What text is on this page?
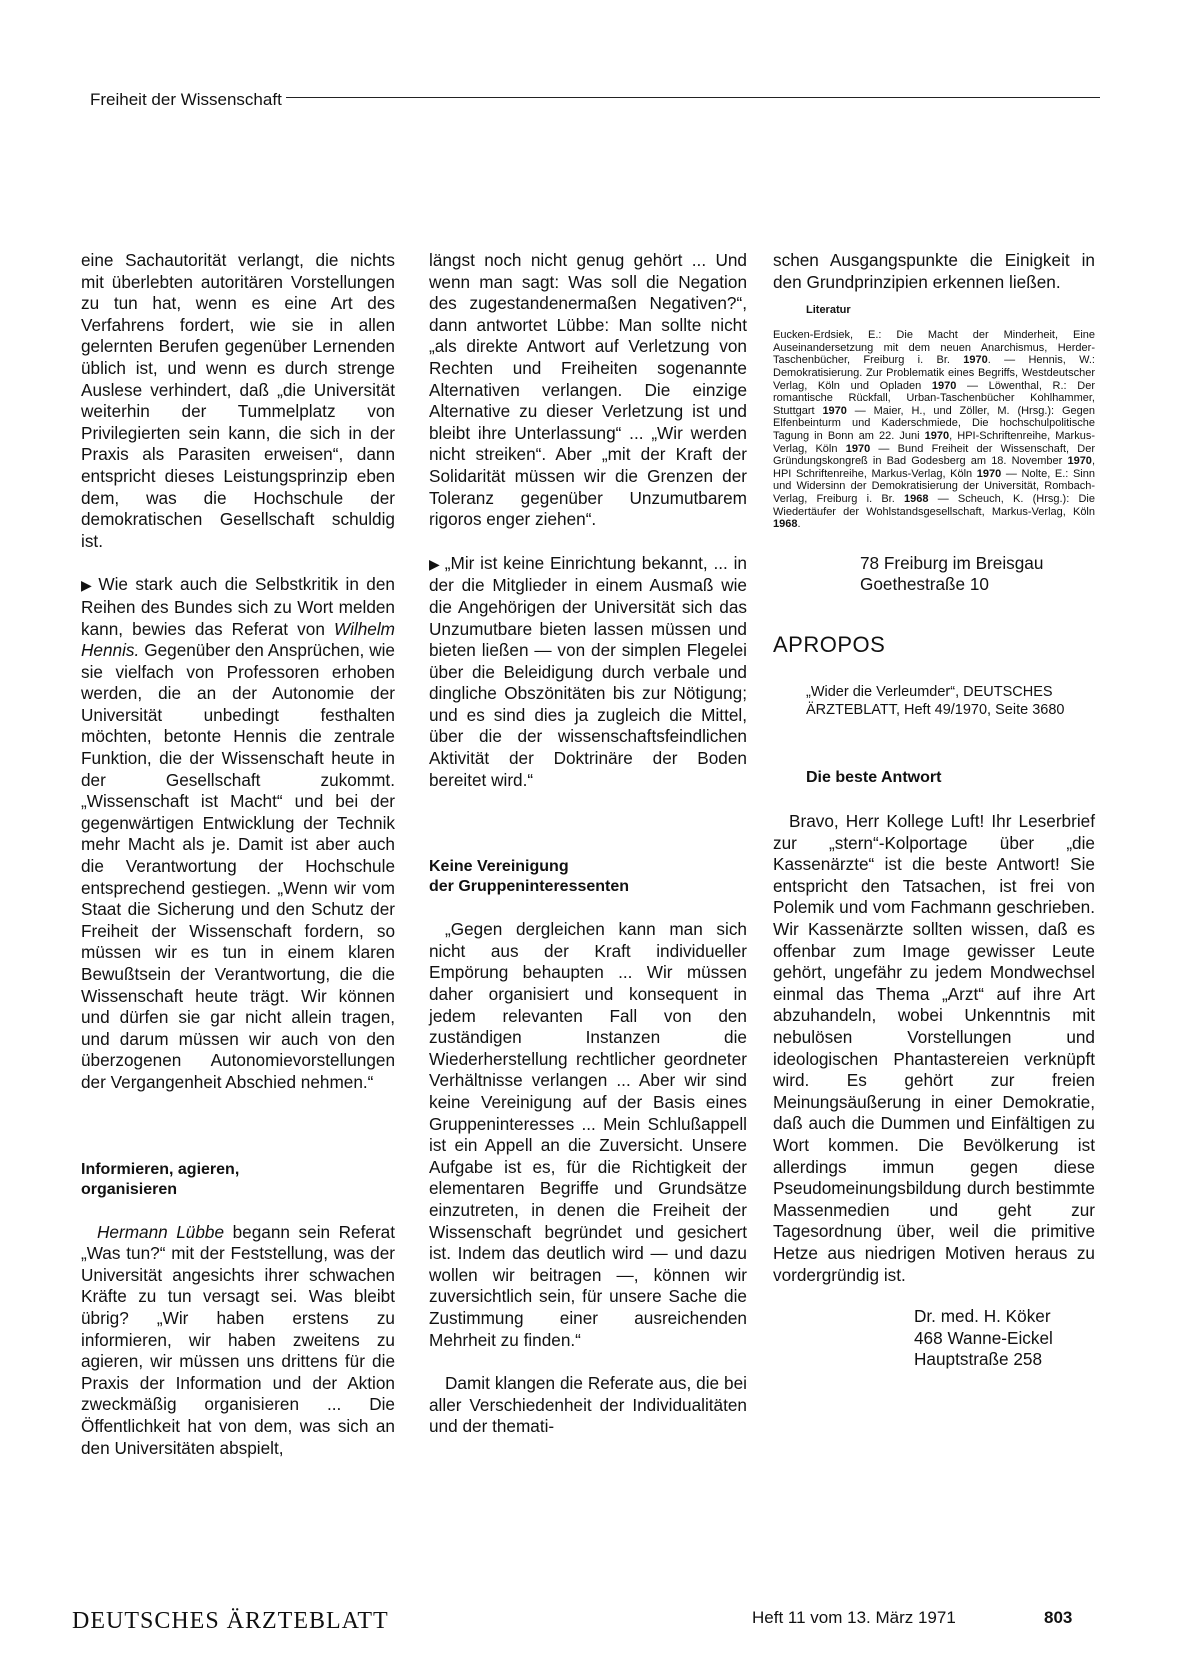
Freiheit der Wissenschaft

eine Sachautorität verlangt, die nichts mit überlebten autoritären Vorstellungen zu tun hat, wenn es eine Art des Verfahrens fordert, wie sie in allen gelernten Berufen gegenüber Lernenden üblich ist, und wenn es durch strenge Auslese verhindert, daß „die Universität weiterhin der Tummelplatz von Privilegierten sein kann, die sich in der Praxis als Parasiten erweisen“, dann entspricht dieses Leistungsprinzip eben dem, was die Hochschule der demokratischen Gesellschaft schuldig ist.

▶ Wie stark auch die Selbstkritik in den Reihen des Bundes sich zu Wort melden kann, bewies das Referat von Wilhelm Hennis. Gegenüber den Ansprüchen, wie sie vielfach von Professoren erhoben werden, die an der Autonomie der Universität unbedingt festhalten möchten, betonte Hennis die zentrale Funktion, die der Wissenschaft heute in der Gesellschaft zukommt. „Wissenschaft ist Macht“ und bei der gegenwärtigen Entwicklung der Technik mehr Macht als je. Damit ist aber auch die Verantwortung der Hochschule entsprechend gestiegen. „Wenn wir vom Staat die Sicherung und den Schutz der Freiheit der Wissenschaft fordern, so müssen wir es tun in einem klaren Bewußtsein der Verantwortung, die die Wissenschaft heute trägt. Wir können und dürfen sie gar nicht allein tragen, und darum müssen wir auch von den überzogenen Autonomievorstellungen der Vergangenheit Abschied nehmen.“

Informieren, agieren,
organisieren

Hermann Lübbe begann sein Referat „Was tun?“ mit der Feststellung, was der Universität angesichts ihrer schwachen Kräfte zu tun versagt sei. Was bleibt übrig? „Wir haben erstens zu informieren, wir haben zweitens zu agieren, wir müssen uns drittens für die Praxis der Information und der Aktion zweckmäßig organisieren ... Die Öffentlichkeit hat von dem, was sich an den Universitäten abspielt,

längst noch nicht genug gehört ... Und wenn man sagt: Was soll die Negation des zugestandenermaßen Negativen?“, dann antwortet Lübbe: Man sollte nicht „als direkte Antwort auf Verletzung von Rechten und Freiheiten sogenannte Alternativen verlangen. Die einzige Alternative zu dieser Verletzung ist und bleibt ihre Unterlassung“ ... „Wir werden nicht streiken“. Aber „mit der Kraft der Solidarität müssen wir die Grenzen der Toleranz gegenüber Unzumutbarem rigoros enger ziehen“.

▶ „Mir ist keine Einrichtung bekannt, ... in der die Mitglieder in einem Ausmaß wie die Angehörigen der Universität sich das Unzumutbare bieten lassen müssen und bieten ließen — von der simplen Flegelei über die Beleidigung durch verbale und dingliche Obszönitäten bis zur Nötigung; und es sind dies ja zugleich die Mittel, über die der wissenschaftsfeindlichen Aktivität der Doktrinäre der Boden bereitet wird.“

Keine Vereinigung
der Gruppeninteressenten

„Gegen dergleichen kann man sich nicht aus der Kraft individueller Empörung behaupten ... Wir müssen daher organisiert und konsequent in jedem relevanten Fall von den zuständigen Instanzen die Wiederherstellung rechtlicher geordneter Verhältnisse verlangen ... Aber wir sind keine Vereinigung auf der Basis eines Gruppeninteresses ... Mein Schlußappell ist ein Appell an die Zuversicht. Unsere Aufgabe ist es, für die Richtigkeit der elementaren Begriffe und Grundsätze einzutreten, in denen die Freiheit der Wissenschaft begründet und gesichert ist. Indem das deutlich wird — und dazu wollen wir beitragen —, können wir zuversichtlich sein, für unsere Sache die Zustimmung einer ausreichenden Mehrheit zu finden.“

Damit klangen die Referate aus, die bei aller Verschiedenheit der Individualitäten und der themati-

schen Ausgangspunkte die Einigkeit in den Grundprinzipien erkennen ließen.

Literatur

Eucken-Erdsiek, E.: Die Macht der Minderheit, Eine Auseinandersetzung mit dem neuen Anarchismus, Herder-Taschenbücher, Freiburg i. Br. 1970. — Hennis, W.: Demokratisierung. Zur Problematik eines Begriffs, Westdeutscher Verlag, Köln und Opladen 1970 — Löwenthal, R.: Der romantische Rückfall, Urban-Taschenbücher Kohlhammer, Stuttgart 1970 — Maier, H., und Zöller, M. (Hrsg.): Gegen Elfenbeinturm und Kaderschmiede, Die hochschulpolitische Tagung in Bonn am 22. Juni 1970, HPI-Schriftenreihe, Markus-Verlag, Köln 1970 — Bund Freiheit der Wissenschaft, Der Gründungskongreß in Bad Godesberg am 18. November 1970, HPI Schriftenreihe, Markus-Verlag, Köln 1970 — Nolte, E.: Sinn und Widersinn der Demokratisierung der Universität, Rombach-Verlag, Freiburg i. Br. 1968 — Scheuch, K. (Hrsg.): Die Wiedertäufer der Wohlstandsgesellschaft, Markus-Verlag, Köln 1968.

78 Freiburg im Breisgau
Goethestraße 10
APROPOS
„Wider die Verleumder“, DEUTSCHES ÄRZTEBLATT, Heft 49/1970, Seite 3680
Die beste Antwort

Bravo, Herr Kollege Luft! Ihr Leserbrief zur „stern“-Kolportage über „die Kassenärzte“ ist die beste Antwort! Sie entspricht den Tatsachen, ist frei von Polemik und vom Fachmann geschrieben. Wir Kassenärzte sollten wissen, daß es offenbar zum Image gewisser Leute gehört, ungefähr zu jedem Mondwechsel einmal das Thema „Arzt“ auf ihre Art abzuhandeln, wobei Unkenntnis mit nebulösen Vorstellungen und ideologischen Phantastereien verknüpft wird. Es gehört zur freien Meinungsäußerung in einer Demokratie, daß auch die Dummen und Einfältigen zu Wort kommen. Die Bevölkerung ist allerdings immun gegen diese Pseudomeinungsbildung durch bestimmte Massenmedien und geht zur Tagesordnung über, weil die primitive Hetze aus niedrigen Motiven heraus zu vordergründig ist.

Dr. med. H. Köker
468 Wanne-Eickel
Hauptstraße 258
DEUTSCHES ÄRZTEBLATT	Heft 11 vom 13. März 1971	803
